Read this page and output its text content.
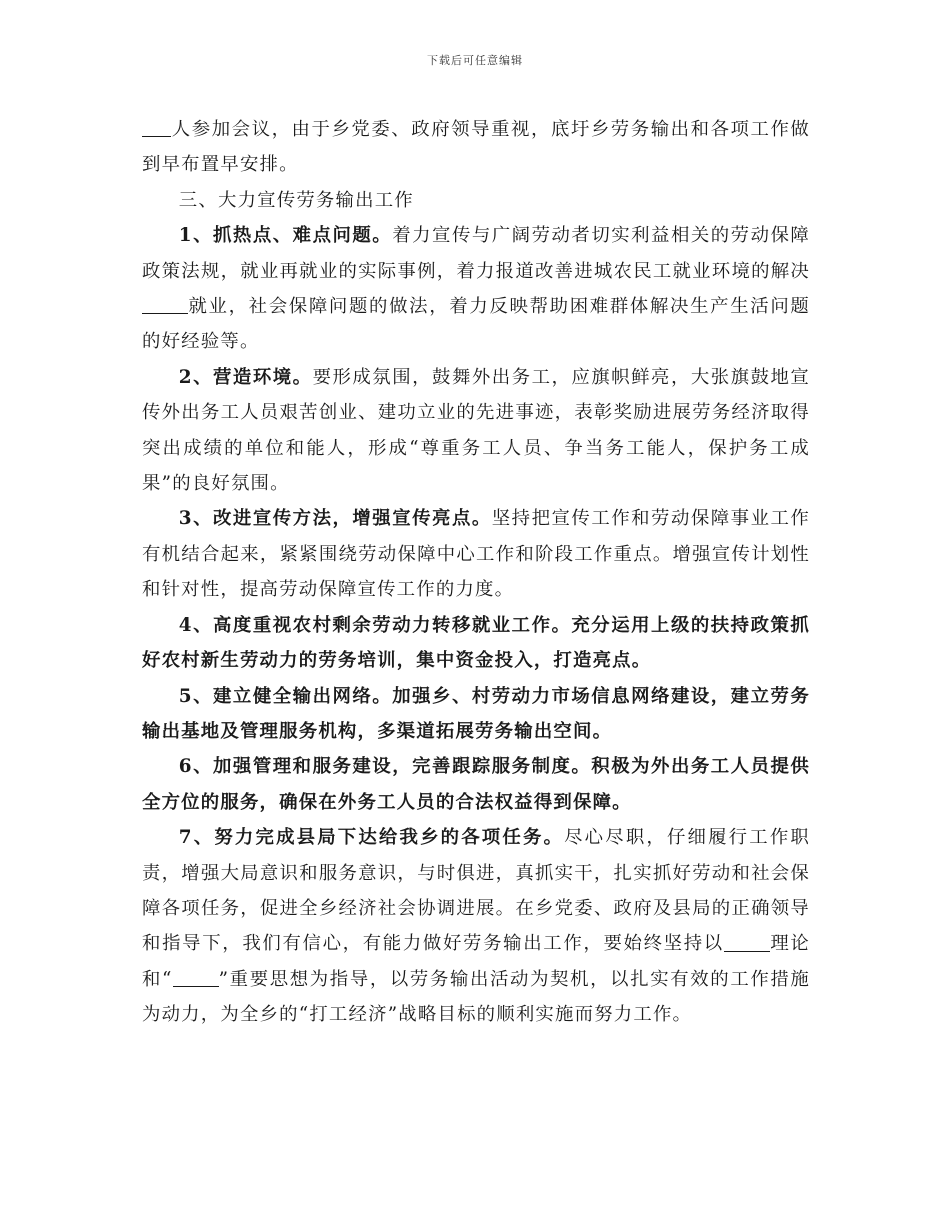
下载后可任意编辑

人参加会议，由于乡党委、政府领导重视，底圩乡劳务输出和各项工作做到早布置早安排。

三、大力宣传劳务输出工作

1、抓热点、难点问题。着力宣传与广阔劳动者切实利益相关的劳动保障政策法规，就业再就业的实际事例，着力报道改善进城农民工就业环境的解决就业，社会保障问题的做法，着力反映帮助困难群体解决生产生活问题的好经验等。

2、营造环境。要形成氛围，鼓舞外出务工，应旗帜鲜亮，大张旗鼓地宣传外出务工人员艰苦创业、建功立业的先进事迹，表彰奖励进展劳务经济取得突出成绩的单位和能人，形成“尊重务工人员、争当务工能人，保护务工成果”的良好氛围。

3、改进宣传方法，增强宣传亮点。坚持把宣传工作和劳动保障事业工作有机结合起来，紧紧围绕劳动保障中心工作和阶段工作重点。增强宣传计划性和针对性，提高劳动保障宣传工作的力度。

4、高度重视农村剩余劳动力转移就业工作。充分运用上级的扶持政策抓好农村新生劳动力的劳务培训，集中资金投入，打造亮点。

5、建立健全输出网络。加强乡、村劳动力市场信息网络建设，建立劳务输出基地及管理服务机构，多渠道拓展劳务输出空间。

6、加强管理和服务建设，完善跟踪服务制度。积极为外出务工人员提供全方位的服务，确保在外务工人员的合法权益得到保障。

7、努力完成县局下达给我乡的各项任务。尽心尽职，仔细履行工作职责，增强大局意识和服务意识，与时俱进，真抓实干，扎实抓好劳动和社会保障各项任务，促进全乡经济社会协调进展。在乡党委、政府及县局的正确领导和指导下，我们有信心，有能力做好劳务输出工作，要始终坚持以	理论和“	”重要思想为指导，以劳务输出活动为契机，以扎实有效的工作措施为动力，为全乡的“打工经济”战略目标的顺利实施而努力工作。
